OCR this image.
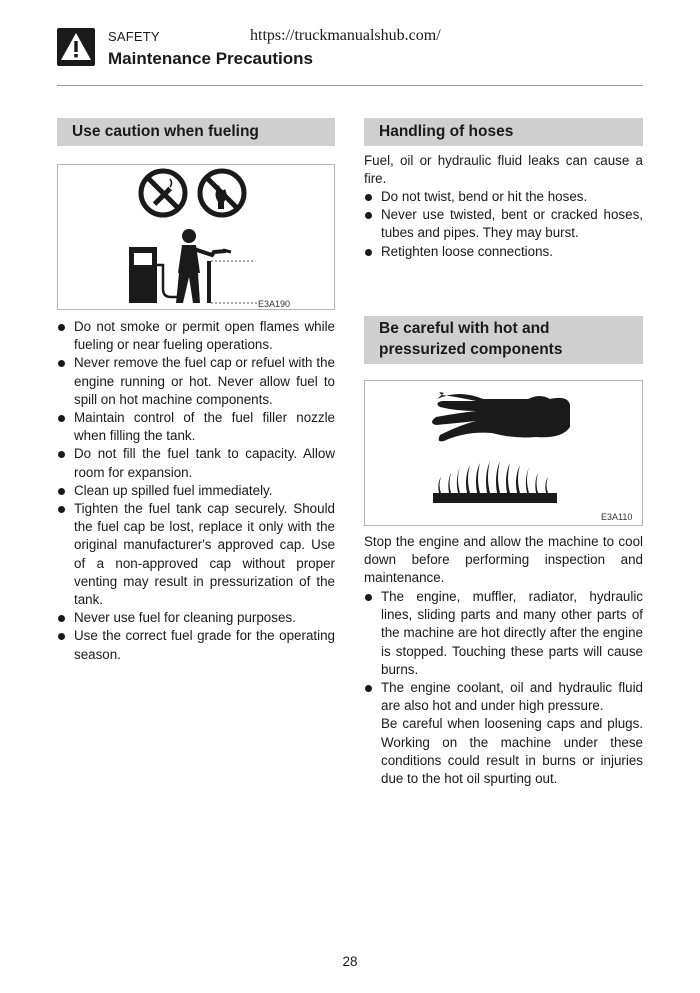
SAFETY	https://truckmanualshub.com/
Maintenance Precautions
Use caution when fueling
E3A190
Do not smoke or permit open flames while fueling or near fueling operations.
Never remove the fuel cap or refuel with the engine running or hot. Never allow fuel to spill on hot machine components.
Maintain control of the fuel filler nozzle when filling the tank.
Do not fill the fuel tank to capacity. Allow room for expansion.
Clean up spilled fuel immediately.
Tighten the fuel tank cap securely. Should the fuel cap be lost, replace it only with the original manufacturer's approved cap. Use of a non-approved cap without proper venting may result in pressurization of the tank.
Never use fuel for cleaning purposes.
Use the correct fuel grade for the operating season.
Handling of hoses
Fuel, oil or hydraulic fluid leaks can cause a fire.
Do not twist, bend or hit the hoses.
Never use twisted, bent or cracked hoses, tubes and pipes. They may burst.
Retighten loose connections.
Be careful with hot and
pressurized components
E3A110
Stop the engine and allow the machine to cool down before performing inspection and maintenance.
The engine, muffler, radiator, hydraulic lines, sliding parts and many other parts of the machine are hot directly after the engine is stopped. Touching these parts will cause burns.
The engine coolant, oil and hydraulic fluid are also hot and under high pressure.
Be careful when loosening caps and plugs. Working on the machine under these conditions could result in burns or injuries due to the hot oil spurting out.
28
